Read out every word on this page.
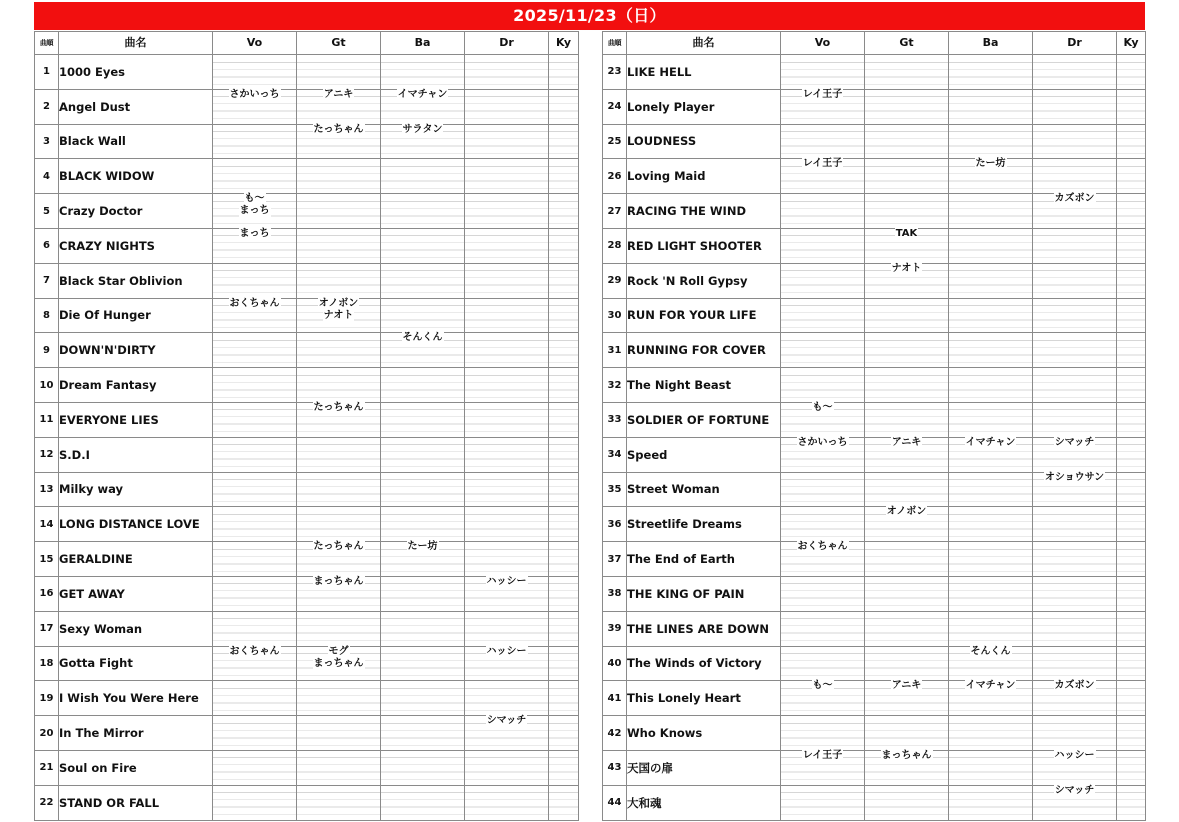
2025/11/23（日）
曲順	曲名	Vo	Gt	Ba	Dr	Ky
1	1000 Eyes					
2	Angel Dust	さかいっち	アニキ	イマチャン		

3	Black Wall		たっちゃん	サラタン		

4	BLACK WIDOW					
5	Crazy Doctor	も～
まっち				

6	CRAZY NIGHTS	まっち				

7	Black Star Oblivion					
8	Die Of Hunger	おくちゃん	オノボン
ナオト			

9	DOWN'N'DIRTY			そんくん		

10	Dream Fantasy					
11	EVERYONE LIES		たっちゃん			

12	S.D.I					
13	Milky way					
14	LONG DISTANCE LOVE					
15	GERALDINE		たっちゃん	たー坊		

16	GET AWAY		まっちゃん		ハッシー	

17	Sexy Woman					
18	Gotta Fight	おくちゃん	モグ
まっちゃん		ハッシー	

19	I Wish You Were Here					
20	In The Mirror				シマッチ	

21	Soul on Fire					
22	STAND OR FALL					
曲順	曲名	Vo	Gt	Ba	Dr	Ky
23	LIKE HELL					
24	Lonely Player	レイ王子				

25	LOUDNESS					
26	Loving Maid	レイ王子		たー坊		

27	RACING THE WIND				カズボン	

28	RED LIGHT SHOOTER		TAK			

29	Rock 'N Roll Gypsy		ナオト			

30	RUN FOR YOUR LIFE					
31	RUNNING FOR COVER					
32	The Night Beast					
33	SOLDIER OF FORTUNE	も～				

34	Speed	さかいっち	アニキ	イマチャン	シマッチ	

35	Street Woman				オショウサン	

36	Streetlife Dreams		オノボン			

37	The End of Earth	おくちゃん				

38	THE KING OF PAIN					
39	THE LINES ARE DOWN					
40	The Winds of Victory			そんくん		

41	This Lonely Heart	も～	アニキ	イマチャン	カズボン	

42	Who Knows					
43	天国の扉	レイ王子	まっちゃん		ハッシー	

44	大和魂				シマッチ	
